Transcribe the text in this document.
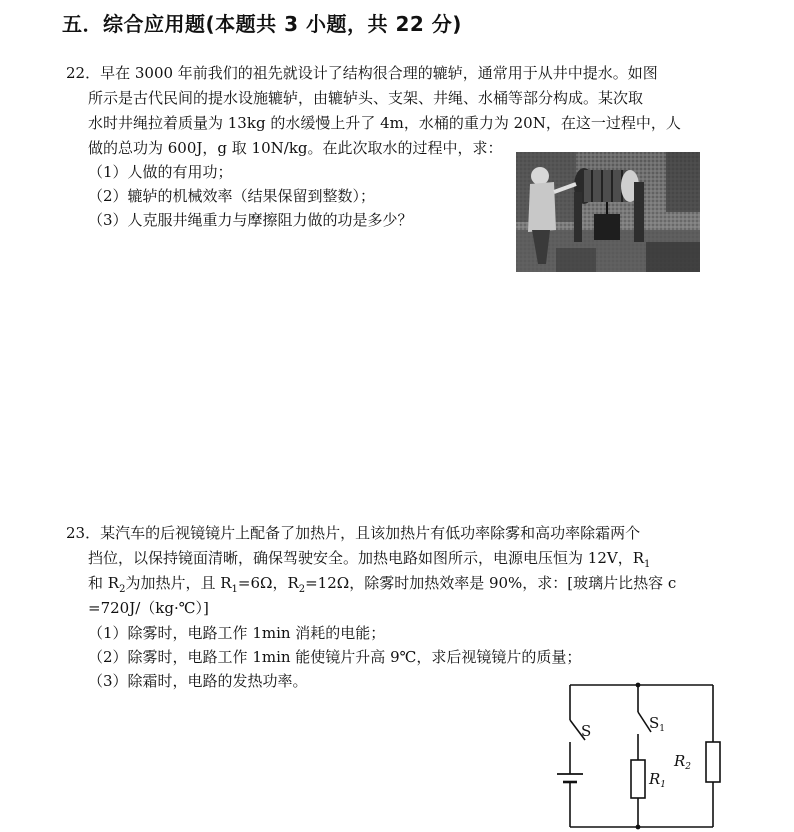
五．综合应用题(本题共 3 小题，共 22 分)
22．早在 3000 年前我们的祖先就设计了结构很合理的辘轳，通常用于从井中提水。如图
所示是古代民间的提水设施辘轳，由辘轳头、支架、井绳、水桶等部分构成。某次取
水时井绳拉着质量为 13kg 的水缓慢上升了 4m，水桶的重力为 20N，在这一过程中，人
做的总功为 600J，g 取 10N/kg。在此次取水的过程中，求：
（1）人做的有用功；
（2）辘轳的机械效率（结果保留到整数）；
（3）人克服井绳重力与摩擦阻力做的功是多少？
23．某汽车的后视镜镜片上配备了加热片，且该加热片有低功率除雾和高功率除霜两个
挡位，以保持镜面清晰，确保驾驶安全。加热电路如图所示，电源电压恒为 12V，$R_1$
和 $R_2$为加热片，且 $R_1=6\Omega$，$R_2=12\Omega$，除雾时加热效率是 90%，求：[玻璃片比热容 c
=720J/（kg·℃）]
（1）除雾时，电路工作 1min 消耗的电能；
（2）除雾时，电路工作 1min 能使镜片升高 9℃，求后视镜镜片的质量；
（3）除霜时，电路的发热功率。
S	$S_1$
$R_1$
$R_2$
